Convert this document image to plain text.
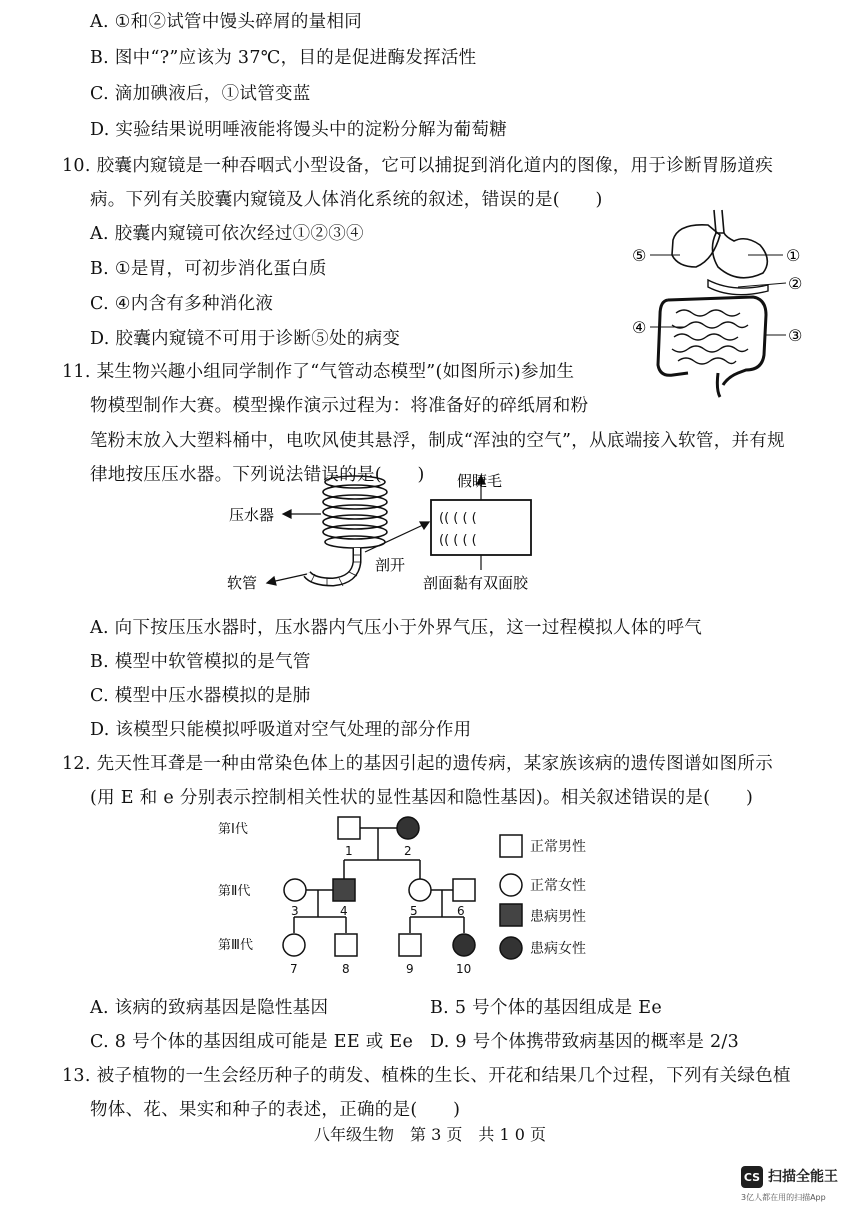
A. ①和②试管中馒头碎屑的量相同
B. 图中“?”应该为 37℃，目的是促进酶发挥活性
C. 滴加碘液后，①试管变蓝
D. 实验结果说明唾液能将馒头中的淀粉分解为葡萄糖
10. 胶囊内窥镜是一种吞咽式小型设备，它可以捕捉到消化道内的图像，用于诊断胃肠道疾
病。下列有关胶囊内窥镜及人体消化系统的叙述，错误的是(　　)
A. 胶囊内窥镜可依次经过①②③④
B. ①是胃，可初步消化蛋白质
C. ④内含有多种消化液
D. 胶囊内窥镜不可用于诊断⑤处的病变
⑤	①
②
④	③
11. 某生物兴趣小组同学制作了“气管动态模型”(如图所示)参加生
物模型制作大赛。模型操作演示过程为：将准备好的碎纸屑和粉
笔粉末放入大塑料桶中，电吹风使其悬浮，制成“浑浊的空气”，从底端接入软管，并有规
律地按压压水器。下列说法错误的是(　　)
(( ( ( (
(( ( ( (
压水器
软管
剖开
假睫毛
剖面黏有双面胶
A. 向下按压压水器时，压水器内气压小于外界气压，这一过程模拟人体的呼气
B. 模型中软管模拟的是气管
C. 模型中压水器模拟的是肺
D. 该模型只能模拟呼吸道对空气处理的部分作用
12. 先天性耳聋是一种由常染色体上的基因引起的遗传病，某家族该病的遗传图谱如图所示
(用 E 和 e 分别表示控制相关性状的显性基因和隐性基因)。相关叙述错误的是(　　)
第Ⅰ代
第Ⅱ代
第Ⅲ代
1	2
3	4	5	6
7	8	9	10
正常男性
正常女性
患病男性
患病女性
A. 该病的致病基因是隐性基因	B. 5 号个体的基因组成是 Ee
C. 8 号个体的基因组成可能是 EE 或 Ee D. 9 号个体携带致病基因的概率是 2/3
13. 被子植物的一生会经历种子的萌发、植株的生长、开花和结果几个过程，下列有关绿色植
物体、花、果实和种子的表述，正确的是(　　)
八年级生物　第 3 页　共 1 0 页
CS 扫描全能王
3亿人都在用的扫描App
